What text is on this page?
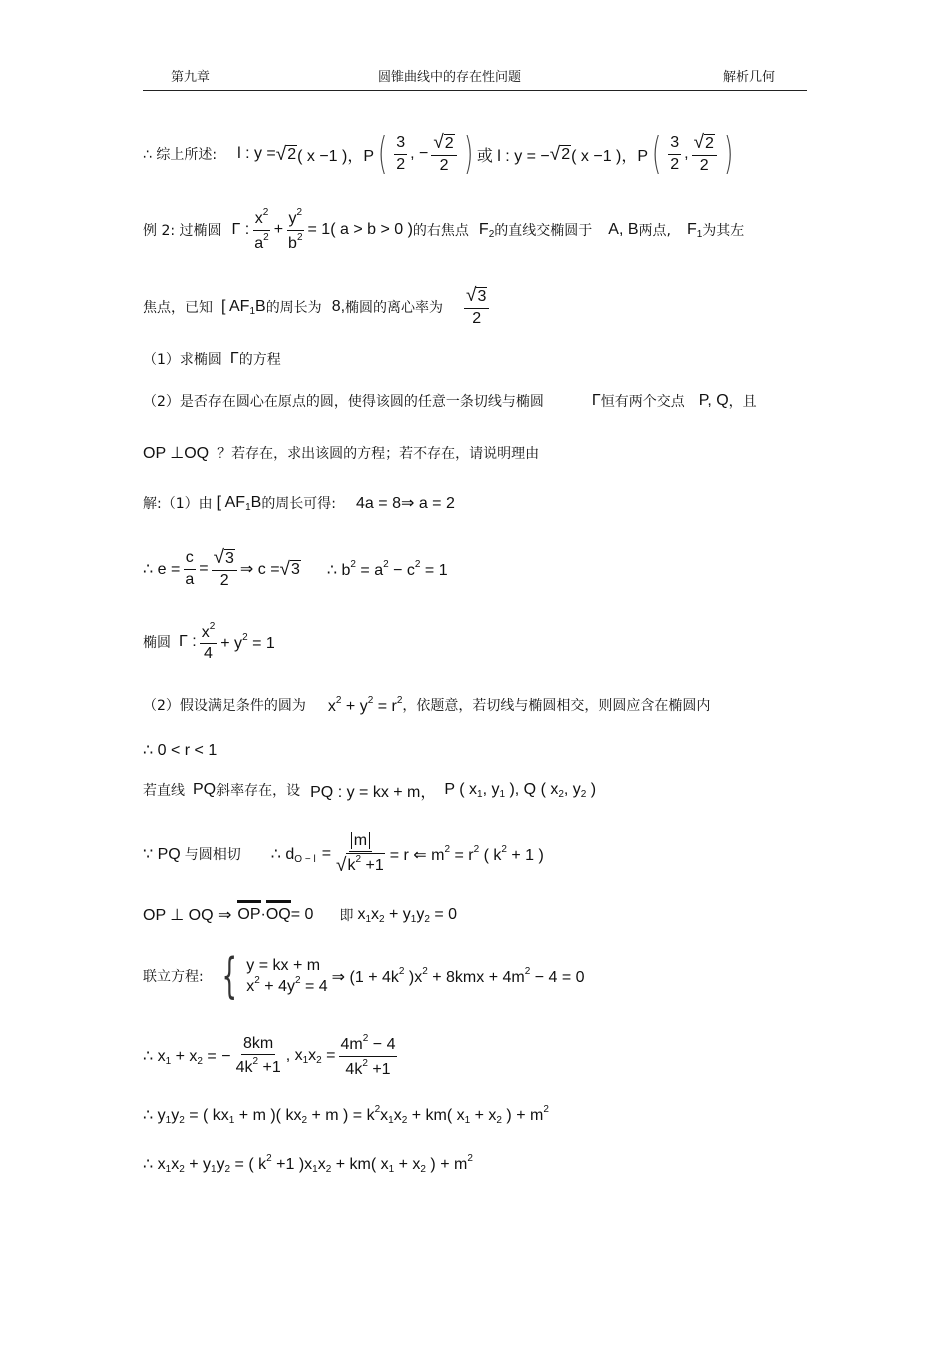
第九章	圆锥曲线中的存在性问题	解析几何
∴ 综上所述: l : y = √ 2 ( x −1 )，P ( $\frac{3}{2}$ , − $\frac{√ 2}{2}$ ) 或 l : y = − √ 2 ( x −1 )，P ( $\frac{3}{2}$ , $\frac{√ 2}{2}$ )
例 2: 过椭圆 Γ : $\frac{x^2}{a^2} + \frac{y^2}{b^2} = 1$( a > b > 0 ) 的右焦点 $F_2$ 的直线交椭圆于 A, B 两点, $F_1$ 为其左
焦点，已知 [ $AF_1B$ 的周长为 8, 椭圆的离心率为 $\frac{√ 3}{2}$
（1）求椭圆 Γ 的方程
（2）是否存在圆心在原点的圆，使得该圆的任意一条切线与椭圆	Γ 恒有两个交点 P, Q ，且
OP ⊥OQ ？若存在，求出该圆的方程；若不存在，请说明理由
解:（1）由 [ $AF_1B$ 的周长可得: 4a = 8⇒ a = 2
∴ $e = \frac{c}{a} = \frac{√ 3}{2}$ ⇒ c = √ 3 ∴ $b^2 = a^2 - c^2 = 1$
椭圆 Γ : $\frac{x^2}{4} + y^2 = 1$
（2）假设满足条件的圆为 $x^2 + y^2 = r^2$ ，依题意，若切线与椭圆相交，则圆应含在椭圆内
∴ 0 < r < 1
若直线 PQ 斜率存在，设 PQ : y = kx + m， P ( $x_1$, $y_1$ ), Q ( $x_2$, $y_2$ )
∵ PQ 与圆相切 ∴ $d_{O - l} = \frac{m}{√ k^2 +1} = r$ ⇐ $m^2 = r^2$ ( $k^2 + 1$ )
OP ⊥ OQ ⇒ OP · OQ = 0 即 $x_1x_2 + y_1y_2 = 0$
联立方程: { y = kx + m
$x^2 + 4y^2 = 4$
⇒ ($1 + 4k^2$ )$x^2 + 8kmx + 4m^2 - 4 = 0$
∴ $x_1 + x_2$ = − $\frac{8km}{4k^2 +1}$ , $x_1x_2 = \frac{4m^2 - 4}{4k^2 +1}$
∴ $y_1y_2$ = ( $kx_1 + m$ )( $kx_2 + m$ ) = $k^2x_1x_2 + km$( $x_1 + x_2$ ) + $m^2$
∴ $x_1x_2 + y_1y_2$ = ( $k^2 +1$ )$x_1x_2 + km$( $x_1 + x_2$ ) + $m^2$
